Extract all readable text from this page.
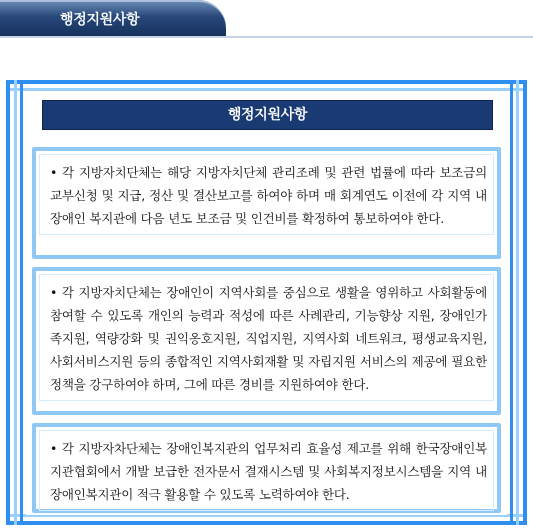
행정지원사항
행정지원사항
• 각 지방자치단체는 해당 지방자치단체 관리조례 및 관련 법률에 따라 보조금의 교부신청 및 지급, 정산 및 결산보고를 하여야 하며 매 회계연도 이전에 각 지역 내 장애인 복지관에 다음 년도 보조금 및 인건비를 확정하여 통보하여야 한다.
• 각 지방자치단체는 장애인이 지역사회를 중심으로 생활을 영위하고 사회활동에 참여할 수 있도록 개인의 능력과 적성에 따른 사례관리, 기능향상 지원, 장애인가족지원, 역량강화 및 권익옹호지원, 직업지원, 지역사회 네트워크, 평생교육지원, 사회서비스지원 등의 종합적인 지역사회재활 및 자립지원 서비스의 제공에 필요한 정책을 강구하여야 하며, 그에 따른 경비를 지원하여야 한다.
• 각 지방자차단체는 장애인복지관의 업무처리 효율성 제고를 위해 한국장애인복지관협회에서 개발 보급한 전자문서 결재시스템 및 사회복지정보시스템을 지역 내 장애인복지관이 적극 활용할 수 있도록 노력하여야 한다.
